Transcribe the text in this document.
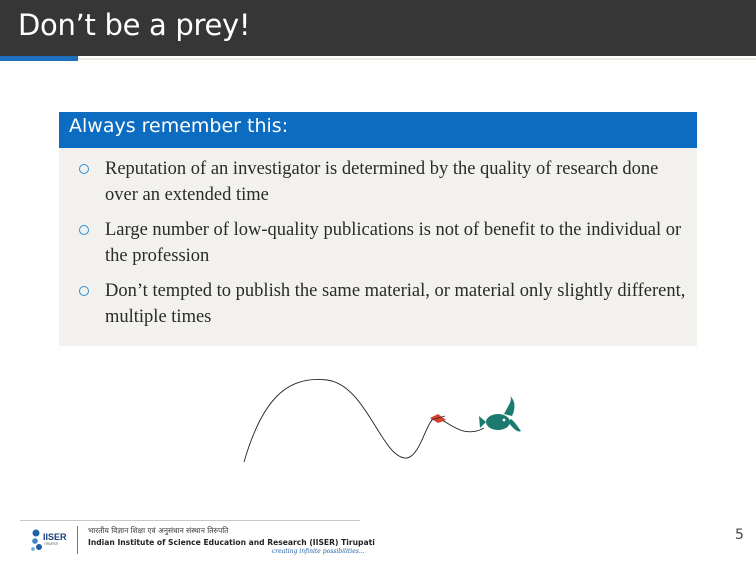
Don’t be a prey!
Always remember this:
Reputation of an investigator is determined by the quality of research done over an extended time
Large number of low-quality publications is not of benefit to the individual or the profession
Don’t tempted to publish the same material, or material only slightly different, multiple times
IISER
TIRUPATI
भारतीय विज्ञान शिक्षा एवं अनुसंधान संस्थान तिरुपति
Indian Institute of Science Education and Research (IISER) Tirupati
creating infinite possibilities...
5
